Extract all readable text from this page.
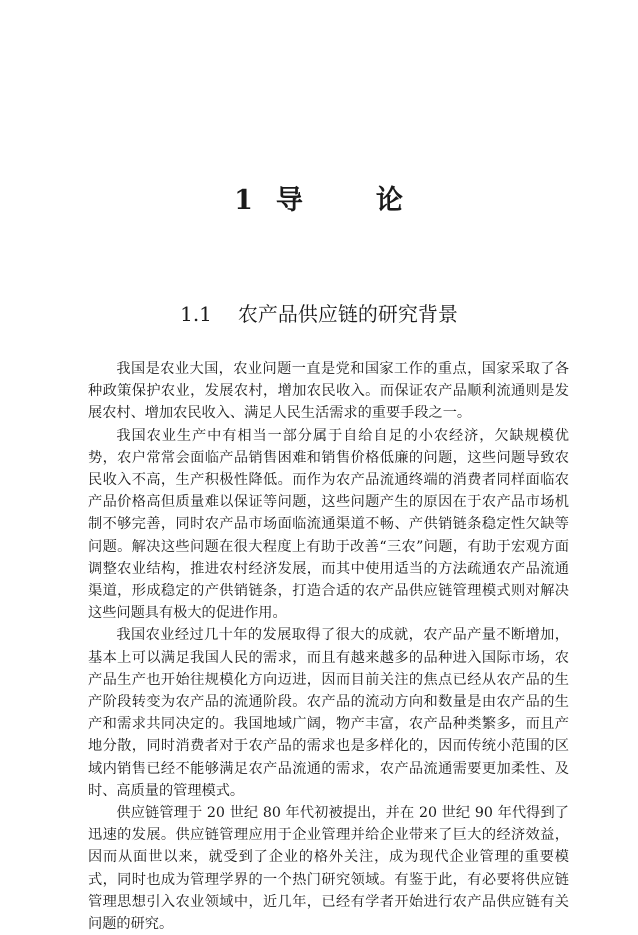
1 导	论
1.1 农产品供应链的研究背景

我国是农业大国，农业问题一直是党和国家工作的重点，国家采取了各种政策保护农业，发展农村，增加农民收入。而保证农产品顺利流通则是发展农村、增加农民收入、满足人民生活需求的重要手段之一。

我国农业生产中有相当一部分属于自给自足的小农经济，欠缺规模优势，农户常常会面临产品销售困难和销售价格低廉的问题，这些问题导致农民收入不高，生产积极性降低。而作为农产品流通终端的消费者同样面临农产品价格高但质量难以保证等问题，这些问题产生的原因在于农产品市场机制不够完善，同时农产品市场面临流通渠道不畅、产供销链条稳定性欠缺等问题。解决这些问题在很大程度上有助于改善“三农”问题，有助于宏观方面调整农业结构，推进农村经济发展，而其中使用适当的方法疏通农产品流通渠道，形成稳定的产供销链条，打造合适的农产品供应链管理模式则对解决这些问题具有极大的促进作用。

我国农业经过几十年的发展取得了很大的成就，农产品产量不断增加，基本上可以满足我国人民的需求，而且有越来越多的品种进入国际市场，农产品生产也开始往规模化方向迈进，因而目前关注的焦点已经从农产品的生产阶段转变为农产品的流通阶段。农产品的流动方向和数量是由农产品的生产和需求共同决定的。我国地域广阔，物产丰富，农产品种类繁多，而且产地分散，同时消费者对于农产品的需求也是多样化的，因而传统小范围的区域内销售已经不能够满足农产品流通的需求，农产品流通需要更加柔性、及时、高质量的管理模式。

供应链管理于 20 世纪 80 年代初被提出，并在 20 世纪 90 年代得到了迅速的发展。供应链管理应用于企业管理并给企业带来了巨大的经济效益，因而从面世以来，就受到了企业的格外关注，成为现代企业管理的重要模式，同时也成为管理学界的一个热门研究领域。有鉴于此，有必要将供应链管理思想引入农业领域中，近几年，已经有学者开始进行农产品供应链有关问题的研究。
